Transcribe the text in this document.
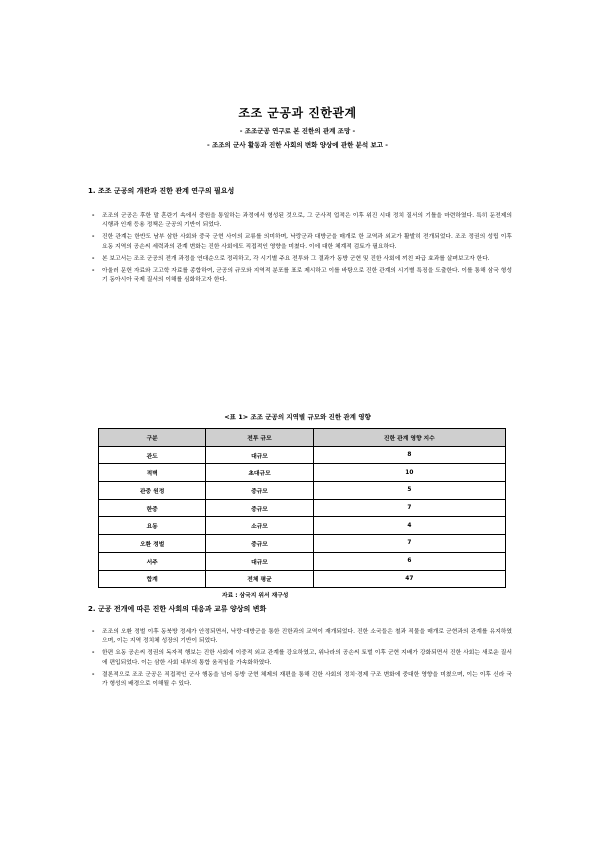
조조 군공과 진한관계
- 조조군공 연구로 본 진한의 관계 조망 -
- 조조의 군사 활동과 진한 사회의 변화 양상에 관한 분석 보고 -
1. 조조 군공의 개관과 진한 관계 연구의 필요성
- 조조의 군공은 후한 말 혼란기 속에서 중원을 통일하는 과정에서 형성된 것으로, 그 군사적 업적은 이후 위진 시대 정치 질서의 기틀을 마련하였다. 특히 둔전제의 시행과 인재 등용 정책은 군공의 기반이 되었다.
- 진한 관계는 한반도 남부 삼한 사회와 중국 군현 사이의 교류를 의미하며, 낙랑군과 대방군을 매개로 한 교역과 외교가 활발히 전개되었다. 조조 정권의 성립 이후 요동 지역의 공손씨 세력과의 관계 변화는 진한 사회에도 직접적인 영향을 미쳤다. 이에 대한 체계적 검토가 필요하다.
- 본 보고서는 조조 군공의 전개 과정을 연대순으로 정리하고, 각 시기별 주요 전투와 그 결과가 동방 군현 및 진한 사회에 끼친 파급 효과를 살펴보고자 한다.
- 아울러 문헌 자료와 고고학 자료를 종합하여, 군공의 규모와 지역적 분포를 표로 제시하고 이를 바탕으로 진한 관계의 시기별 특징을 도출한다. 이를 통해 삼국 형성기 동아시아 국제 질서의 이해를 심화하고자 한다.
<표 1> 조조 군공의 지역별 규모와 진한 관계 영향
구분	전투 규모	진한 관계 영향 지수
관도	대규모	8
적벽	초대규모	10
관중 원정	중규모	5
한중	중규모	7
요동	소규모	4
오환 정벌	중규모	7
서주	대규모	6
합계	전체 평균	47
자료 : 삼국지 위서 재구성
2. 군공 전개에 따른 진한 사회의 대응과 교류 양상의 변화
- 조조의 오환 정벌 이후 동북방 정세가 안정되면서, 낙랑·대방군을 통한 진한과의 교역이 재개되었다. 진한 소국들은 철과 직물을 매개로 군현과의 관계를 유지하였으며, 이는 지역 정치체 성장의 기반이 되었다.
- 한편 요동 공손씨 정권의 독자적 행보는 진한 사회에 이중적 외교 관계를 강요하였고, 위나라의 공손씨 토벌 이후 군현 지배가 강화되면서 진한 사회는 새로운 질서에 편입되었다. 이는 삼한 사회 내부의 통합 움직임을 가속화하였다.
- 결론적으로 조조 군공은 직접적인 군사 행동을 넘어 동방 군현 체제의 재편을 통해 진한 사회의 정치·경제 구조 변화에 중대한 영향을 미쳤으며, 이는 이후 신라 국가 형성의 배경으로 이해될 수 있다.
